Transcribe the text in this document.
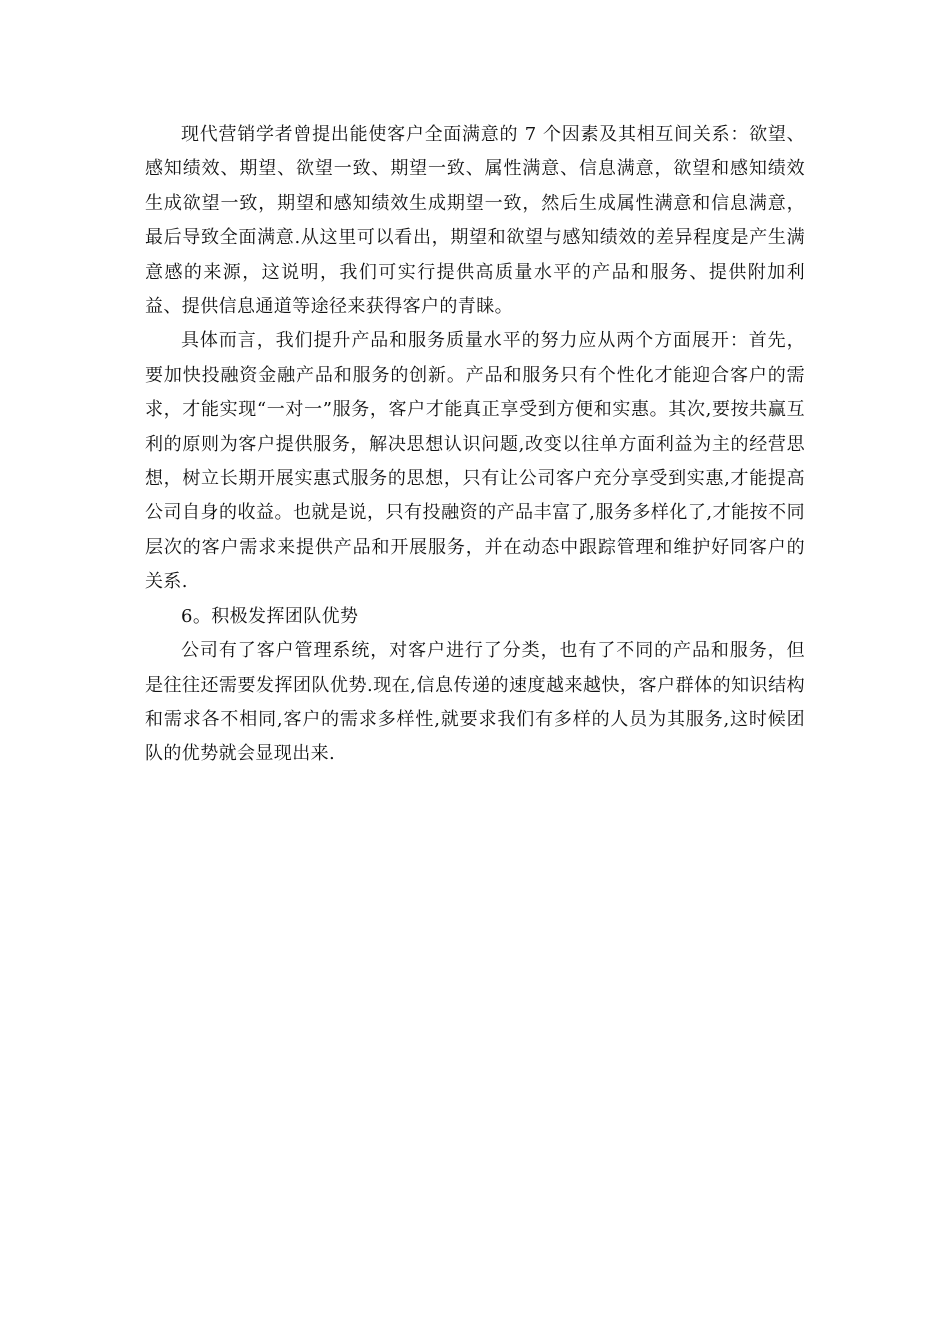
现代营销学者曾提出能使客户全面满意的 7 个因素及其相互间关系：欲望、感知绩效、期望、欲望一致、期望一致、属性满意、信息满意，欲望和感知绩效生成欲望一致，期望和感知绩效生成期望一致，然后生成属性满意和信息满意，最后导致全面满意.从这里可以看出，期望和欲望与感知绩效的差异程度是产生满意感的来源，这说明，我们可实行提供高质量水平的产品和服务、提供附加利益、提供信息通道等途径来获得客户的青睐。

具体而言，我们提升产品和服务质量水平的努力应从两个方面展开：首先，要加快投融资金融产品和服务的创新。产品和服务只有个性化才能迎合客户的需求，才能实现“一对一”服务，客户才能真正享受到方便和实惠。其次,要按共赢互利的原则为客户提供服务，解决思想认识问题,改变以往单方面利益为主的经营思想，树立长期开展实惠式服务的思想，只有让公司客户充分享受到实惠,才能提高公司自身的收益。也就是说，只有投融资的产品丰富了,服务多样化了,才能按不同层次的客户需求来提供产品和开展服务，并在动态中跟踪管理和维护好同客户的关系.

6。积极发挥团队优势

公司有了客户管理系统，对客户进行了分类，也有了不同的产品和服务，但是往往还需要发挥团队优势.现在,信息传递的速度越来越快，客户群体的知识结构和需求各不相同,客户的需求多样性,就要求我们有多样的人员为其服务,这时候团队的优势就会显现出来.
